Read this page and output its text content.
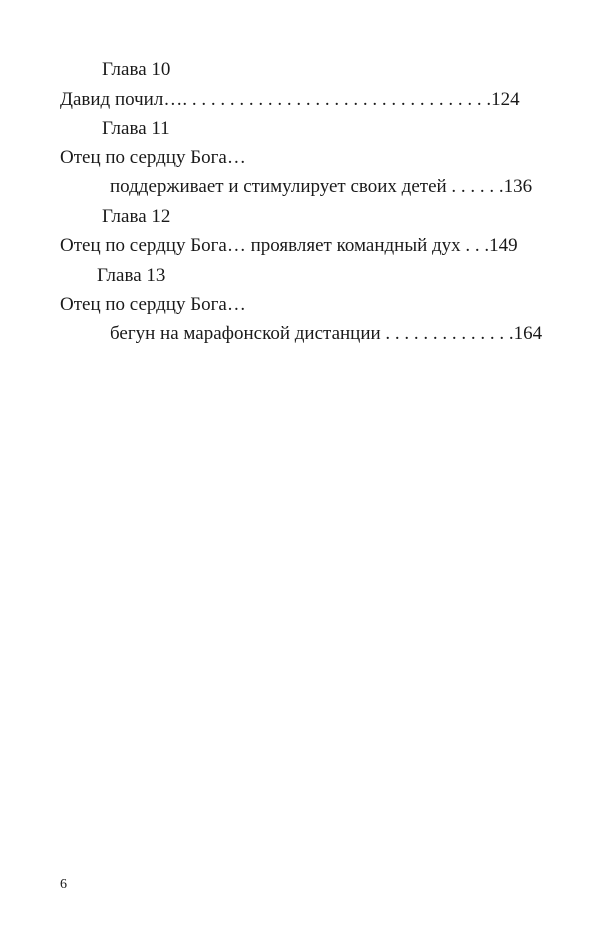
Глава 10
Давид почил…. . . . . . . . . . . . . . . . . . . . . . . . . . . . . . . . .124
Глава 11
Отец по сердцу Бога…
поддерживает и стимулирует своих детей . . . . . .136
Глава 12
Отец по сердцу Бога… проявляет командный дух . . .149
Глава 13
Отец по сердцу Бога…
бегун на марафонской дистанции . . . . . . . . . . . . . .164
6
